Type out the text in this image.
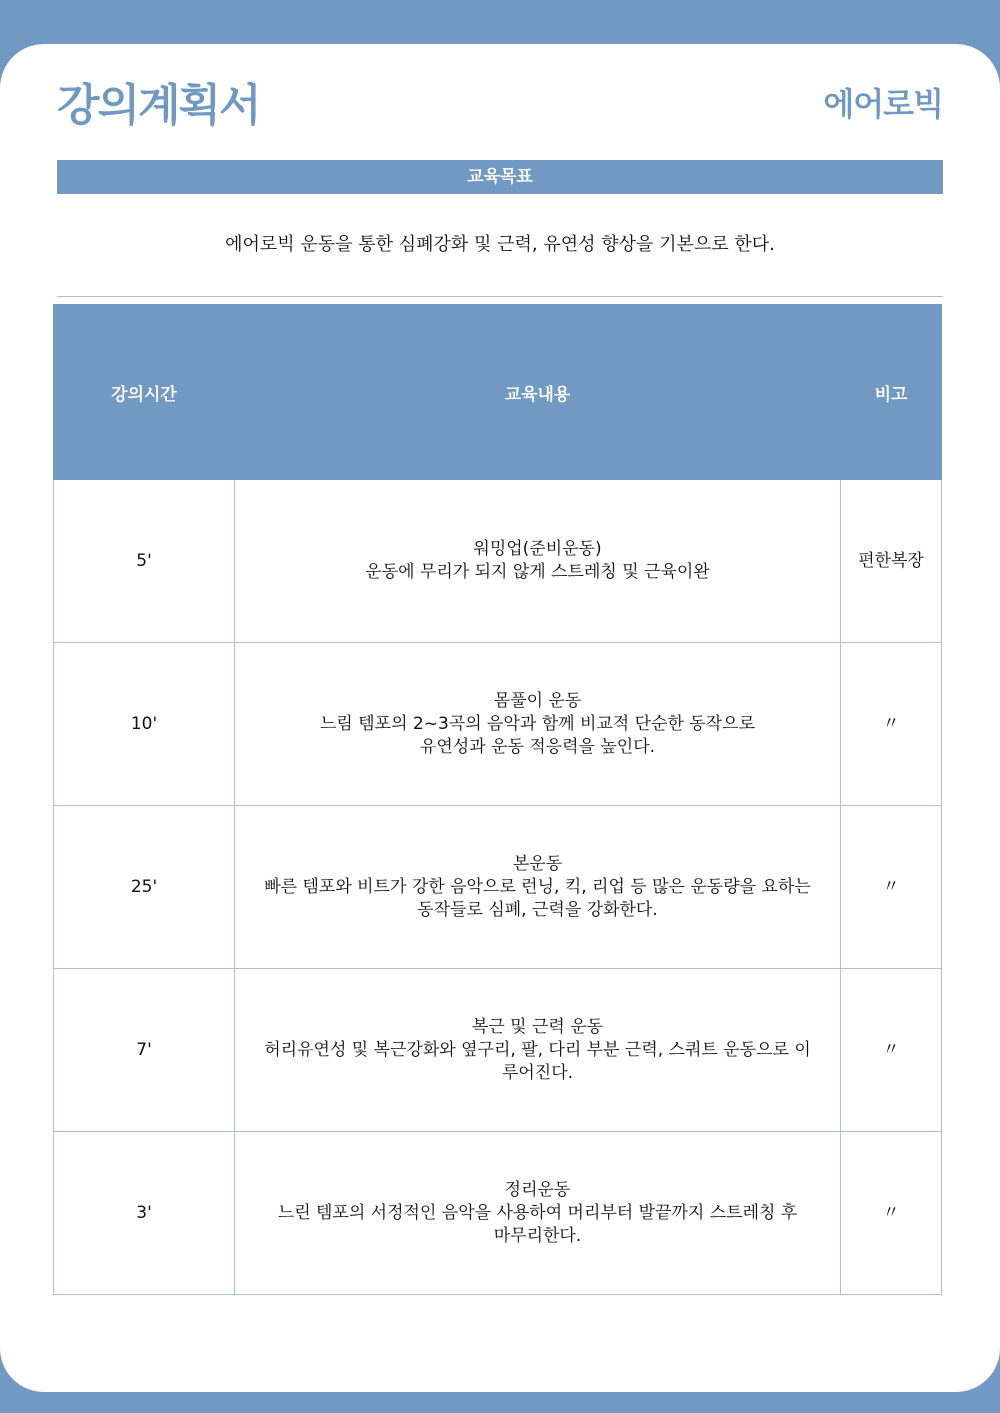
강의계획서	에어로빅
교육목표
에어로빅 운동을 통한 심폐강화 및 근력, 유연성 향상을 기본으로 한다.
강의시간	교육내용	비고
5'	워밍업(준비운동)
운동에 무리가 되지 않게 스트레칭 및 근육이완	편한복장
10'	몸풀이 운동
느림 템포의 2~3곡의 음악과 함께 비교적 단순한 동작으로
유연성과 운동 적응력을 높인다.	〃
25'	본운동
빠른 템포와 비트가 강한 음악으로 런닝, 킥, 리업 등 많은 운동량을 요하는
동작들로 심폐, 근력을 강화한다.	〃
7'	복근 및 근력 운동
허리유연성 및 복근강화와 옆구리, 팔, 다리 부분 근력, 스쿼트 운동으로 이
루어진다.	〃
3'	정리운동
느린 템포의 서정적인 음악을 사용하여 머리부터 발끝까지 스트레칭 후
마무리한다.	〃
